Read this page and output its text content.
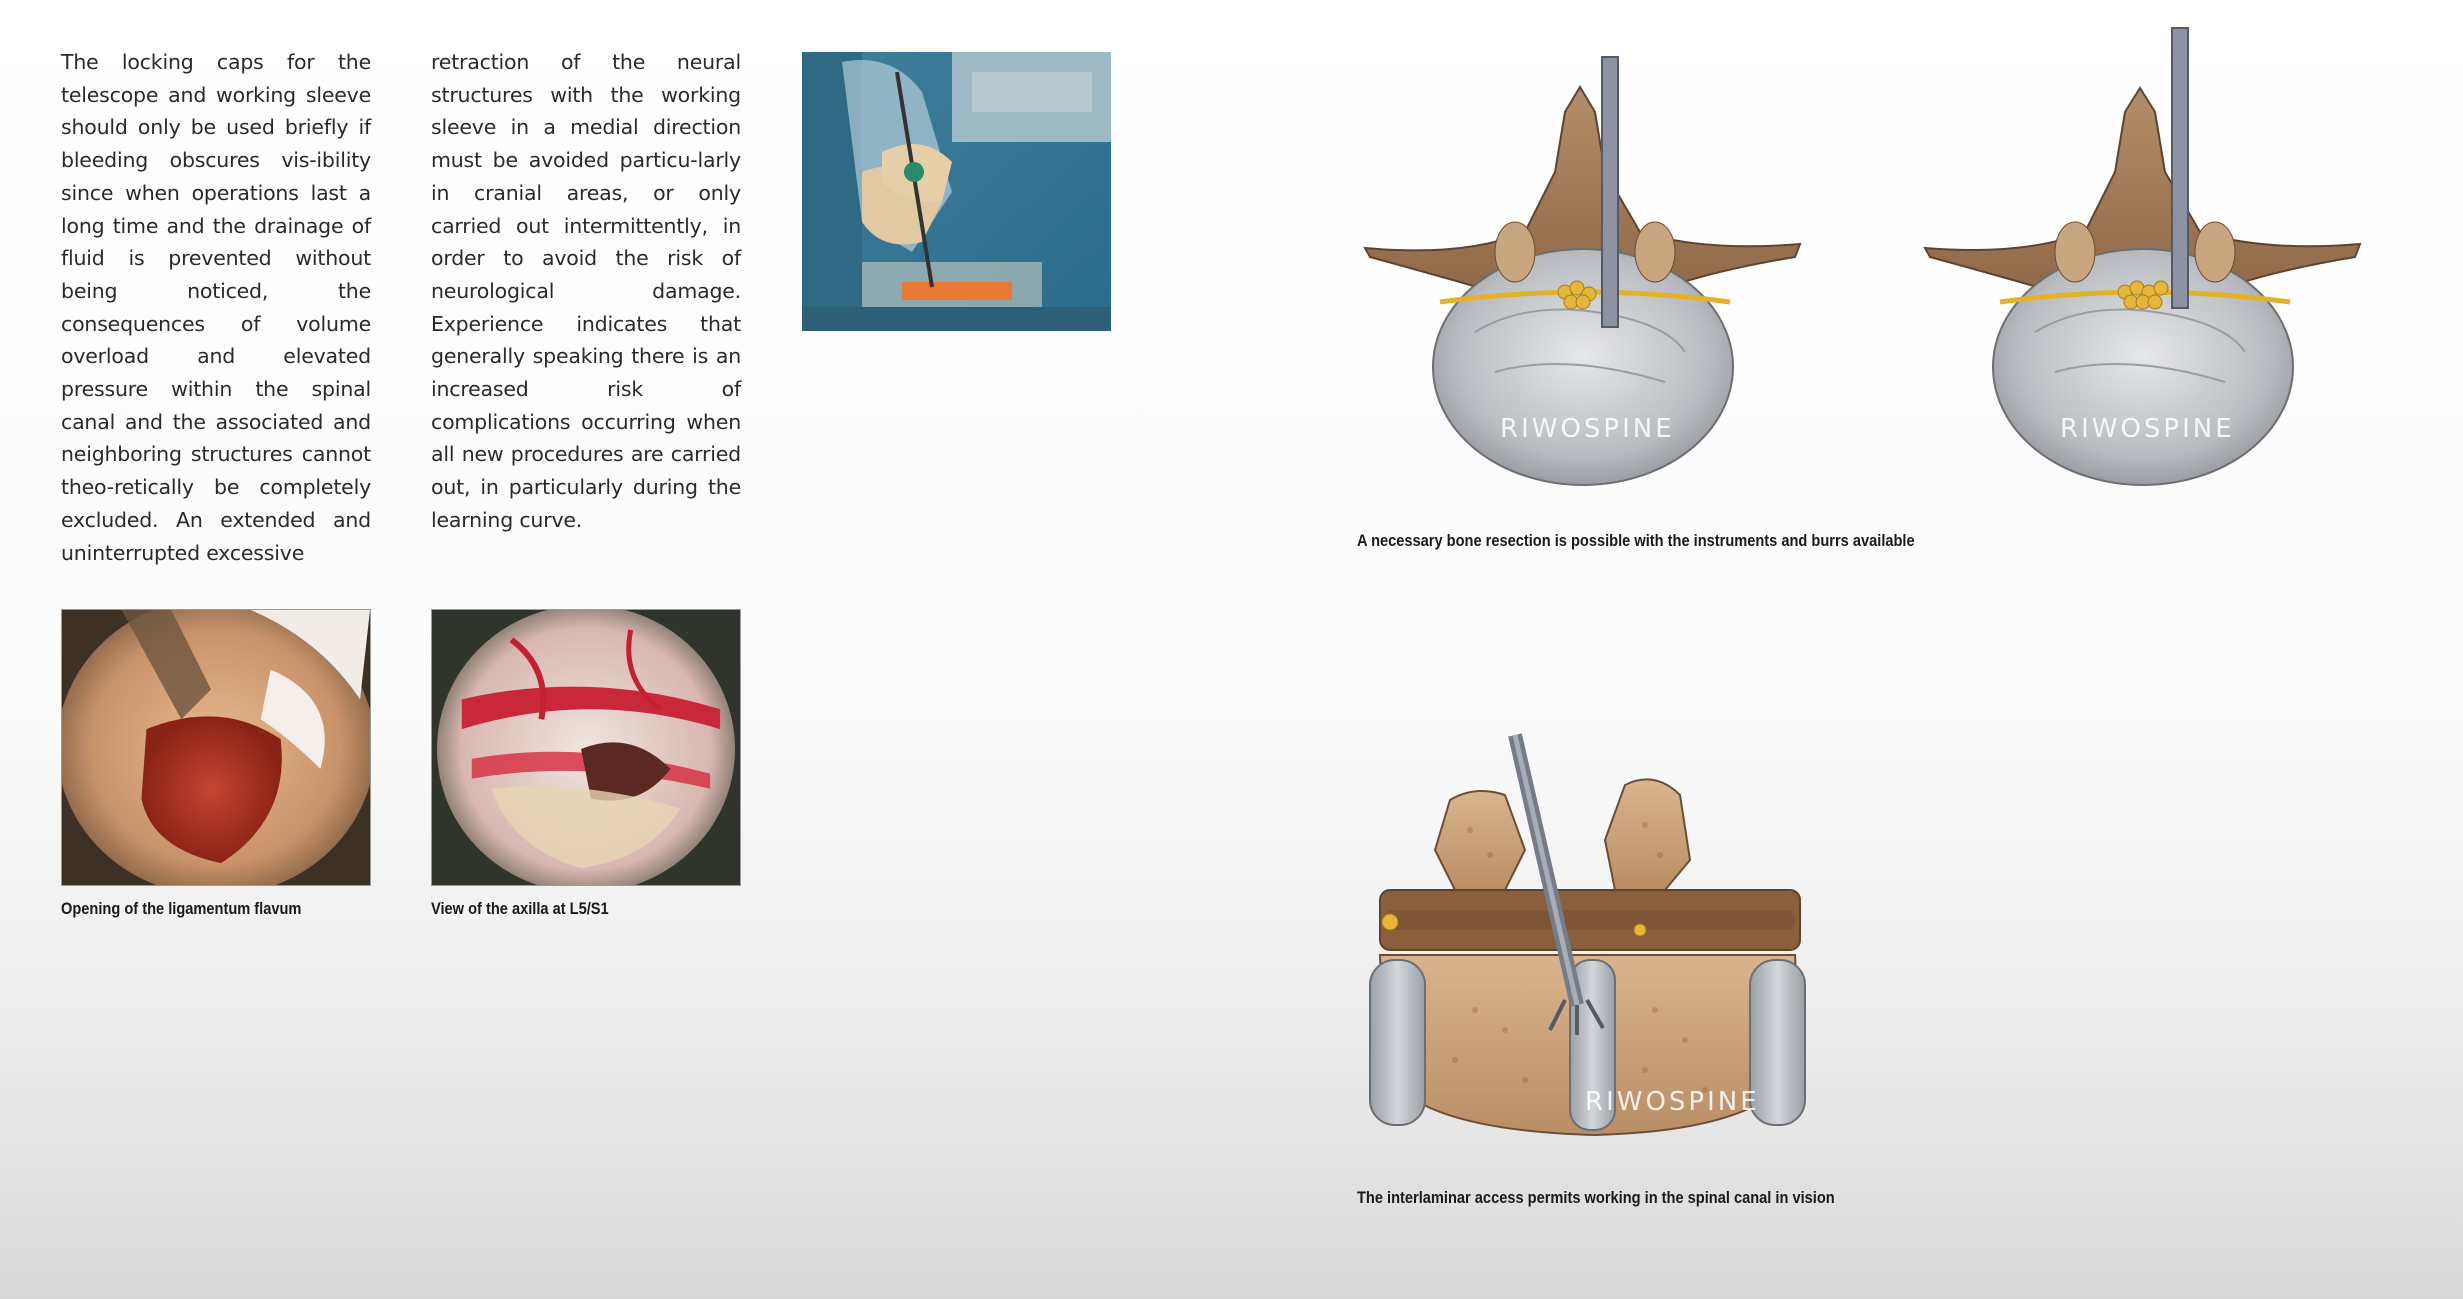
The locking caps for the telescope and working sleeve should only be used briefly if bleeding obscures vis-ibility since when operations last a long time and the drainage of fluid is prevented without being noticed, the consequences of volume overload and elevated pressure within the spinal canal and the associated and neighboring structures cannot theo-retically be completely excluded. An extended and uninterrupted excessive
retraction of the neural structures with the working sleeve in a medial direction must be avoided particu-larly in cranial areas, or only carried out intermittently, in order to avoid the risk of neurological damage. Experience indicates that generally speaking there is an increased risk of complications occurring when all new procedures are carried out, in particularly during the learning curve.
Opening of the ligamentum flavum	View of the axilla at L5/S1
RIWOSPINE	RIWOSPINE
A necessary bone resection is possible with the instruments and burrs available
RIWOSPINE
The interlaminar access permits working in the spinal canal in vision
